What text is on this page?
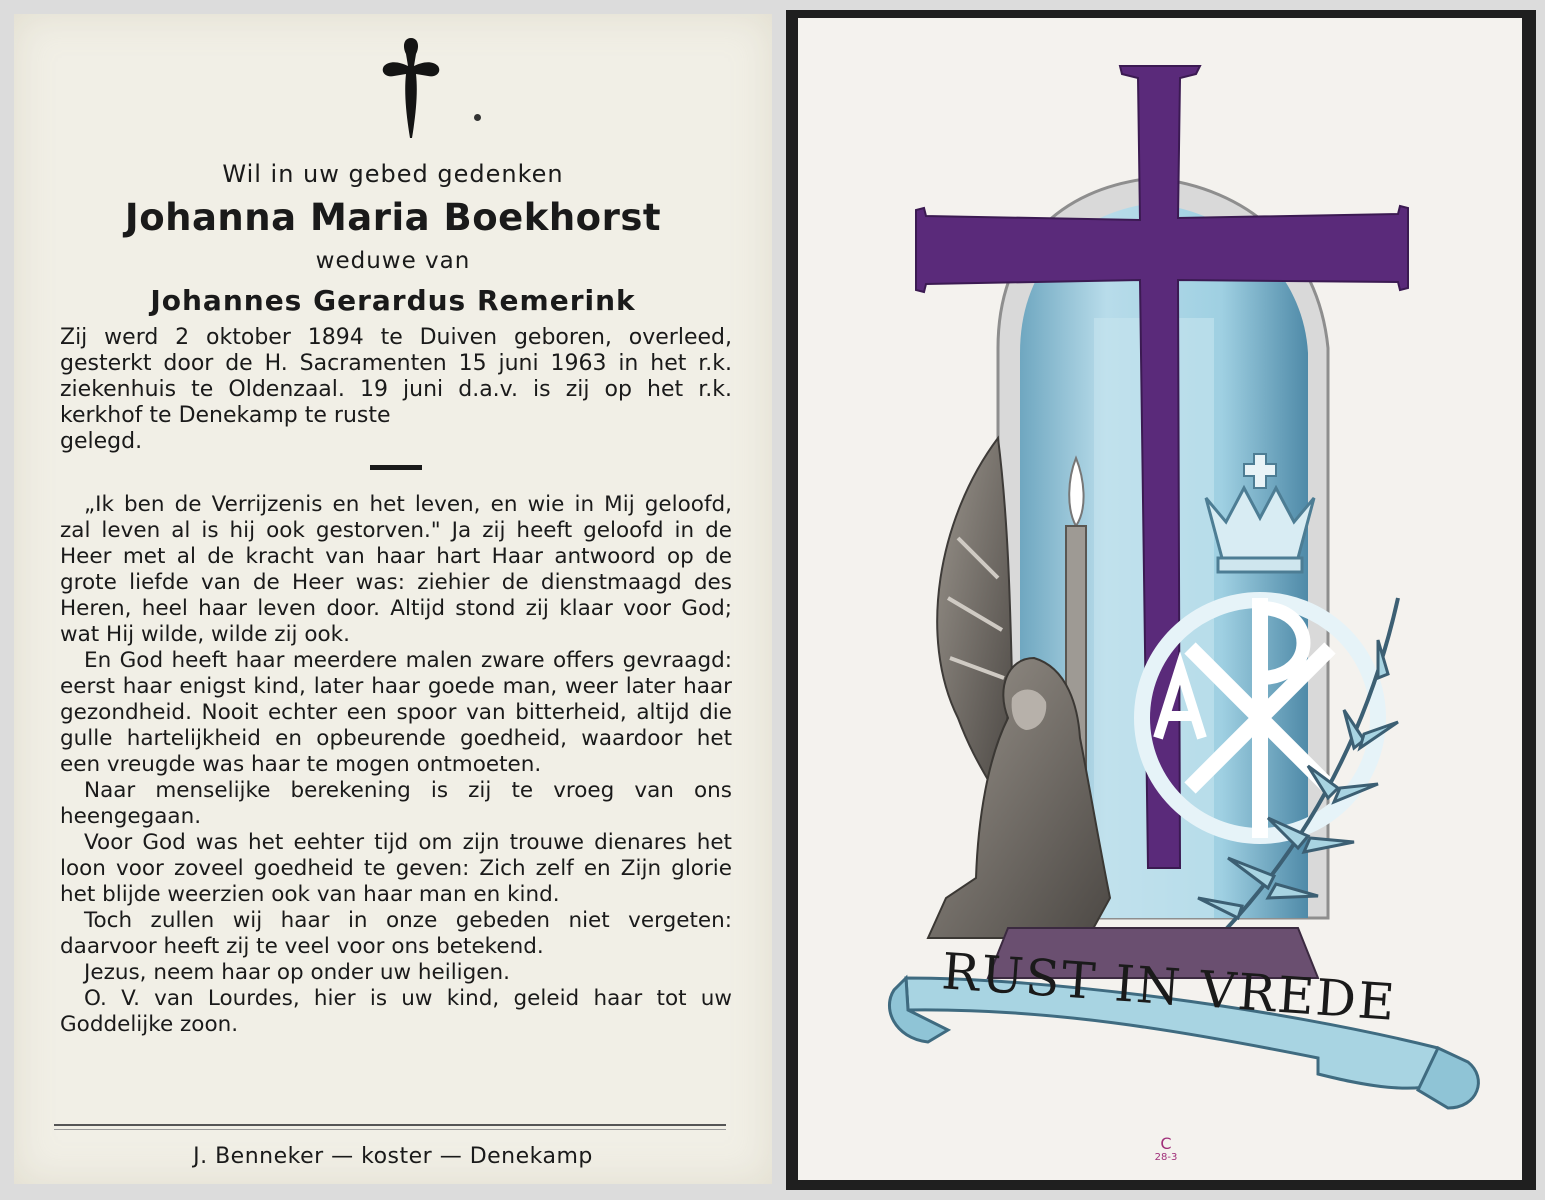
Wil in uw gebed gedenken
Johanna Maria Boekhorst
weduwe van
Johannes Gerardus Remerink
Zij werd 2 oktober 1894 te Duiven geboren, overleed, gesterkt door de H. Sacramenten 15 juni 1963 in het r.k. ziekenhuis te Oldenzaal. 19 juni d.a.v. is zij op het r.k. kerkhof te Denekamp te ruste
gelegd.

„Ik ben de Verrijzenis en het leven, en wie in Mij geloofd, zal leven al is hij ook gestorven." Ja zij heeft geloofd in de Heer met al de kracht van haar hart Haar antwoord op de grote liefde van de Heer was: ziehier de dienstmaagd des Heren, heel haar leven door. Altijd stond zij klaar voor God; wat Hij wilde, wilde zij ook.

En God heeft haar meerdere malen zware offers gevraagd: eerst haar enigst kind, later haar goede man, weer later haar gezondheid. Nooit echter een spoor van bitterheid, altijd die gulle hartelijkheid en opbeurende goedheid, waardoor het een vreugde was haar te mogen ontmoeten.

Naar menselijke berekening is zij te vroeg van ons heengegaan.

Voor God was het eehter tijd om zijn trouwe dienares het loon voor zoveel goedheid te geven: Zich zelf en Zijn glorie het blijde weerzien ook van haar man en kind.

Toch zullen wij haar in onze gebeden niet vergeten: daarvoor heeft zij te veel voor ons betekend.

Jezus, neem haar op onder uw heiligen.

O. V. van Lourdes, hier is uw kind, geleid haar tot uw Goddelijke zoon.

J. Benneker — koster — Denekamp
RUST IN VREDE
C
28-3
